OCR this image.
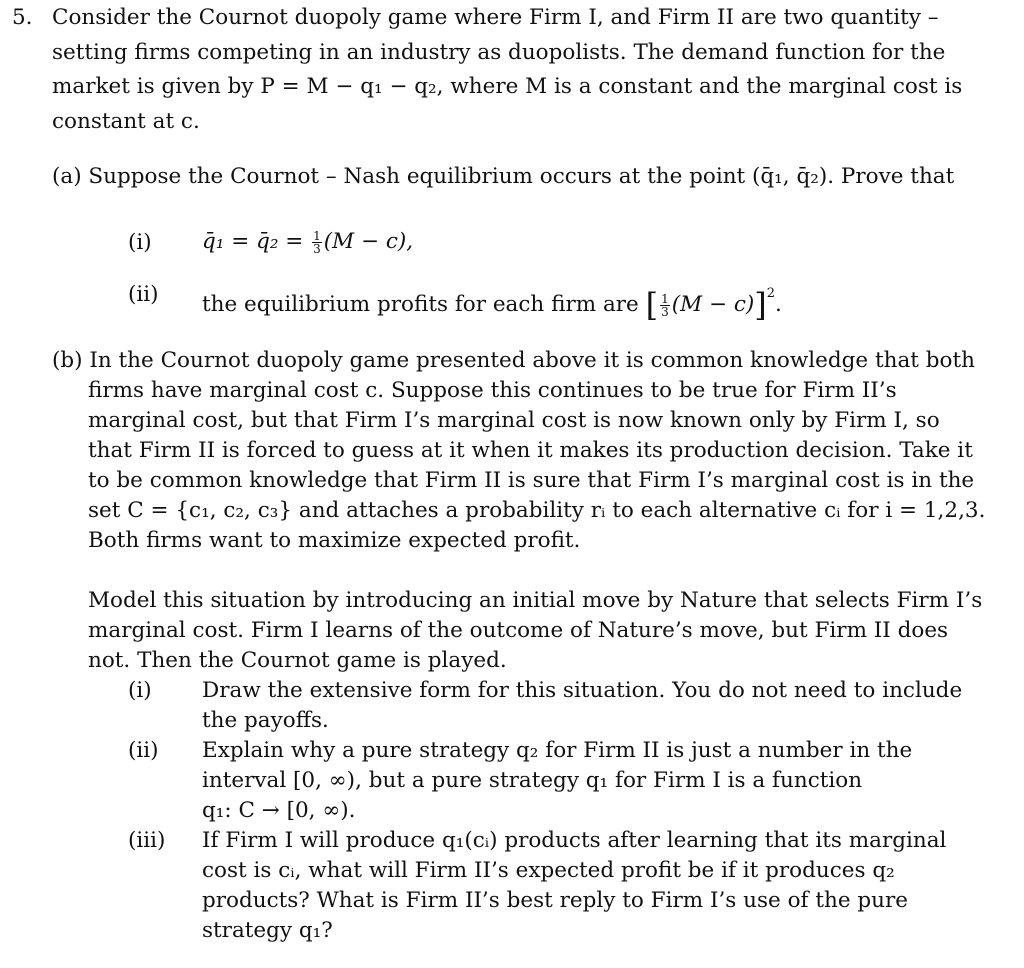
5. Consider the Cournot duopoly game where Firm I, and Firm II are two quantity –
setting firms competing in an industry as duopolists. The demand function for the
market is given by P = M − q₁ − q₂, where M is a constant and the marginal cost is
constant at c.
(a) Suppose the Cournot – Nash equilibrium occurs at the point (q̄₁, q̄₂). Prove that
(i) q̄₁ = q̄₂ = $\frac{1}{3} (M - c)$,
(ii) the equilibrium profits for each firm are [ $\frac{1}{3} (M - c)]^2$.
(b) In the Cournot duopoly game presented above it is common knowledge that both
firms have marginal cost c. Suppose this continues to be true for Firm II’s
marginal cost, but that Firm I’s marginal cost is now known only by Firm I, so
that Firm II is forced to guess at it when it makes its production decision. Take it
to be common knowledge that Firm II is sure that Firm I’s marginal cost is in the
set C = {c₁, c₂, c₃} and attaches a probability rᵢ to each alternative cᵢ for i = 1,2,3.
Both firms want to maximize expected profit.
Model this situation by introducing an initial move by Nature that selects Firm I’s
marginal cost. Firm I learns of the outcome of Nature’s move, but Firm II does
not. Then the Cournot game is played.
(i) Draw the extensive form for this situation. You do not need to include
the payoffs.
(ii) Explain why a pure strategy q₂ for Firm II is just a number in the
interval [0, ∞), but a pure strategy q₁ for Firm I is a function
q₁: C → [0, ∞).
(iii) If Firm I will produce q₁(cᵢ) products after learning that its marginal
cost is cᵢ, what will Firm II’s expected profit be if it produces q₂
products? What is Firm II’s best reply to Firm I’s use of the pure
strategy q₁?
